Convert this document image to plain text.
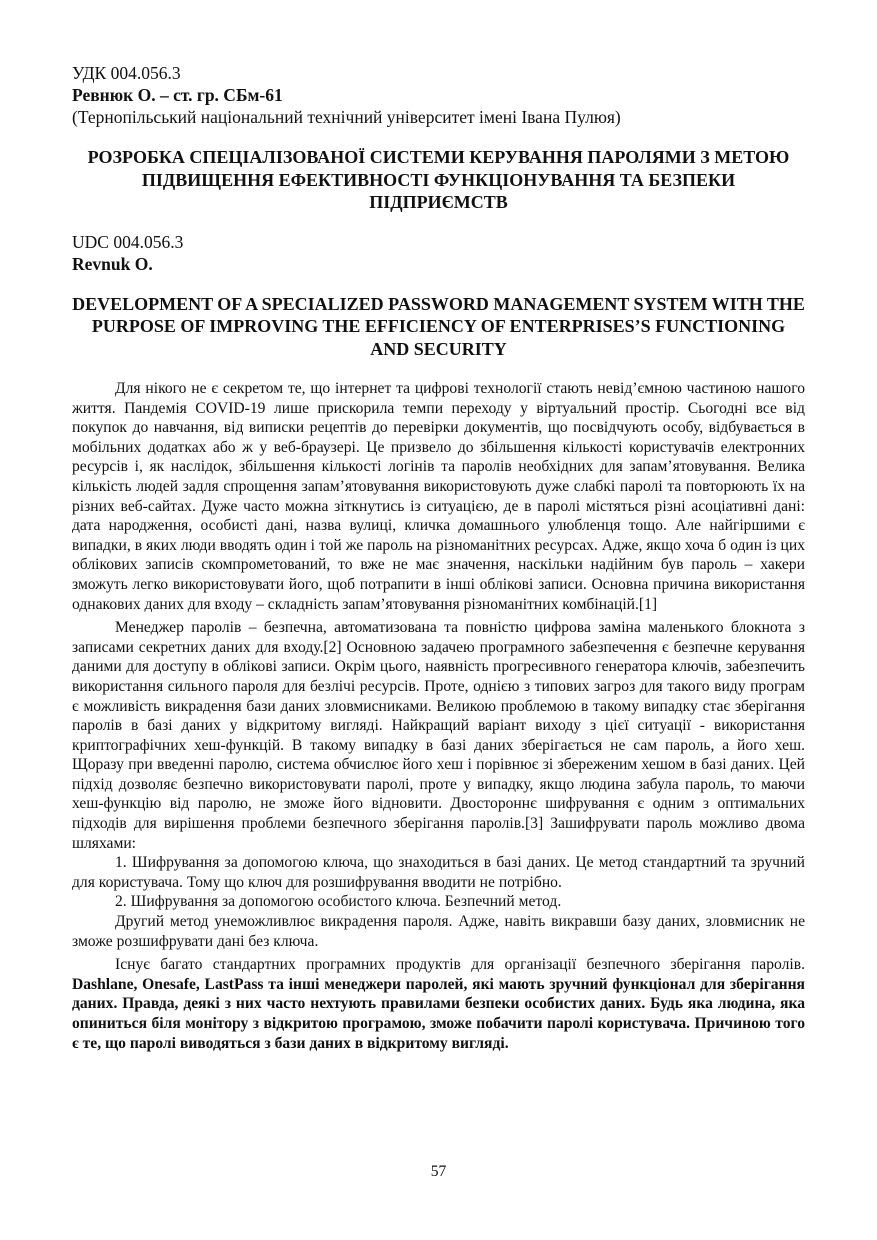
УДК 004.056.3
Ревнюк О. – ст. гр. СБм-61
(Тернопільський національний технічний університет імені Івана Пулюя)
РОЗРОБКА СПЕЦІАЛІЗОВАНОЇ СИСТЕМИ КЕРУВАННЯ ПАРОЛЯМИ З МЕТОЮ ПІДВИЩЕННЯ ЕФЕКТИВНОСТІ ФУНКЦІОНУВАННЯ ТА БЕЗПЕКИ ПІДПРИЄМСТВ
UDC 004.056.3
Revnuk O.
DEVELOPMENT OF A SPECIALIZED PASSWORD MANAGEMENT SYSTEM WITH THE PURPOSE OF IMPROVING THE EFFICIENCY OF ENTERPRISES’S FUNCTIONING AND SECURITY

Для нікого не є секретом те, що інтернет та цифрові технології стають невід’ємною частиною нашого життя. Пандемія COVID-19 лише прискорила темпи переходу у віртуальний простір. Сьогодні все від покупок до навчання, від виписки рецептів до перевірки документів, що посвідчують особу, відбувається в мобільних додатках або ж у веб-браузері. Це призвело до збільшення кількості користувачів електронних ресурсів і, як наслідок, збільшення кількості логінів та паролів необхідних для запам’ятовування. Велика кількість людей задля спрощення запам’ятовування використовують дуже слабкі паролі та повторюють їх на різних веб-сайтах. Дуже часто можна зіткнутись із ситуацією, де в паролі містяться різні асоціативні дані: дата народження, особисті дані, назва вулиці, кличка домашнього улюбленця тощо. Але найгіршими є випадки, в яких люди вводять один і той же пароль на різноманітних ресурсах. Адже, якщо хоча б один із цих облікових записів скомпрометований, то вже не має значення, наскільки надійним був пароль – хакери зможуть легко використовувати його, щоб потрапити в інші облікові записи. Основна причина використання однакових даних для входу – складність запам’ятовування різноманітних комбінацій.[1]

Менеджер паролів – безпечна, автоматизована та повністю цифрова заміна маленького блокнота з записами секретних даних для входу.[2] Основною задачею програмного забезпечення є безпечне керування даними для доступу в облікові записи. Окрім цього, наявність прогресивного генератора ключів, забезпечить використання сильного пароля для безлічі ресурсів. Проте, однією з типових загроз для такого виду програм є можливість викрадення бази даних зловмисниками. Великою проблемою в такому випадку стає зберігання паролів в базі даних у відкритому вигляді. Найкращий варіант виходу з цієї ситуації - використання криптографічних хеш-функцій. В такому випадку в базі даних зберігається не сам пароль, а його хеш. Щоразу при введенні паролю, система обчислює його хеш і порівнює зі збереженим хешом в базі даних. Цей підхід дозволяє безпечно використовувати паролі, проте у випадку, якщо людина забула пароль, то маючи хеш-функцію від паролю, не зможе його відновити. Двостороннє шифрування є одним з оптимальних підходів для вирішення проблеми безпечного зберігання паролів.[3] Зашифрувати пароль можливо двома шляхами:

1. Шифрування за допомогою ключа, що знаходиться в базі даних. Це метод стандартний та зручний для користувача. Тому що ключ для розшифрування вводити не потрібно.

2. Шифрування за допомогою особистого ключа. Безпечний метод.

Другий метод унеможливлює викрадення пароля. Адже, навіть викравши базу даних, зловмисник не зможе розшифрувати дані без ключа.

Існує багато стандартних програмних продуктів для організації безпечного зберігання паролів. Dashlane, Onesafe, LastPass та інші менеджери паролей, які мають зручний функціонал для зберігання даних. Правда, деякі з них часто нехтують правилами безпеки особистих даних. Будь яка людина, яка опиниться біля монітору з відкритою програмою, зможе побачити паролі користувача. Причиною того є те, що паролі виводяться з бази даних в відкритому вигляді.

57
